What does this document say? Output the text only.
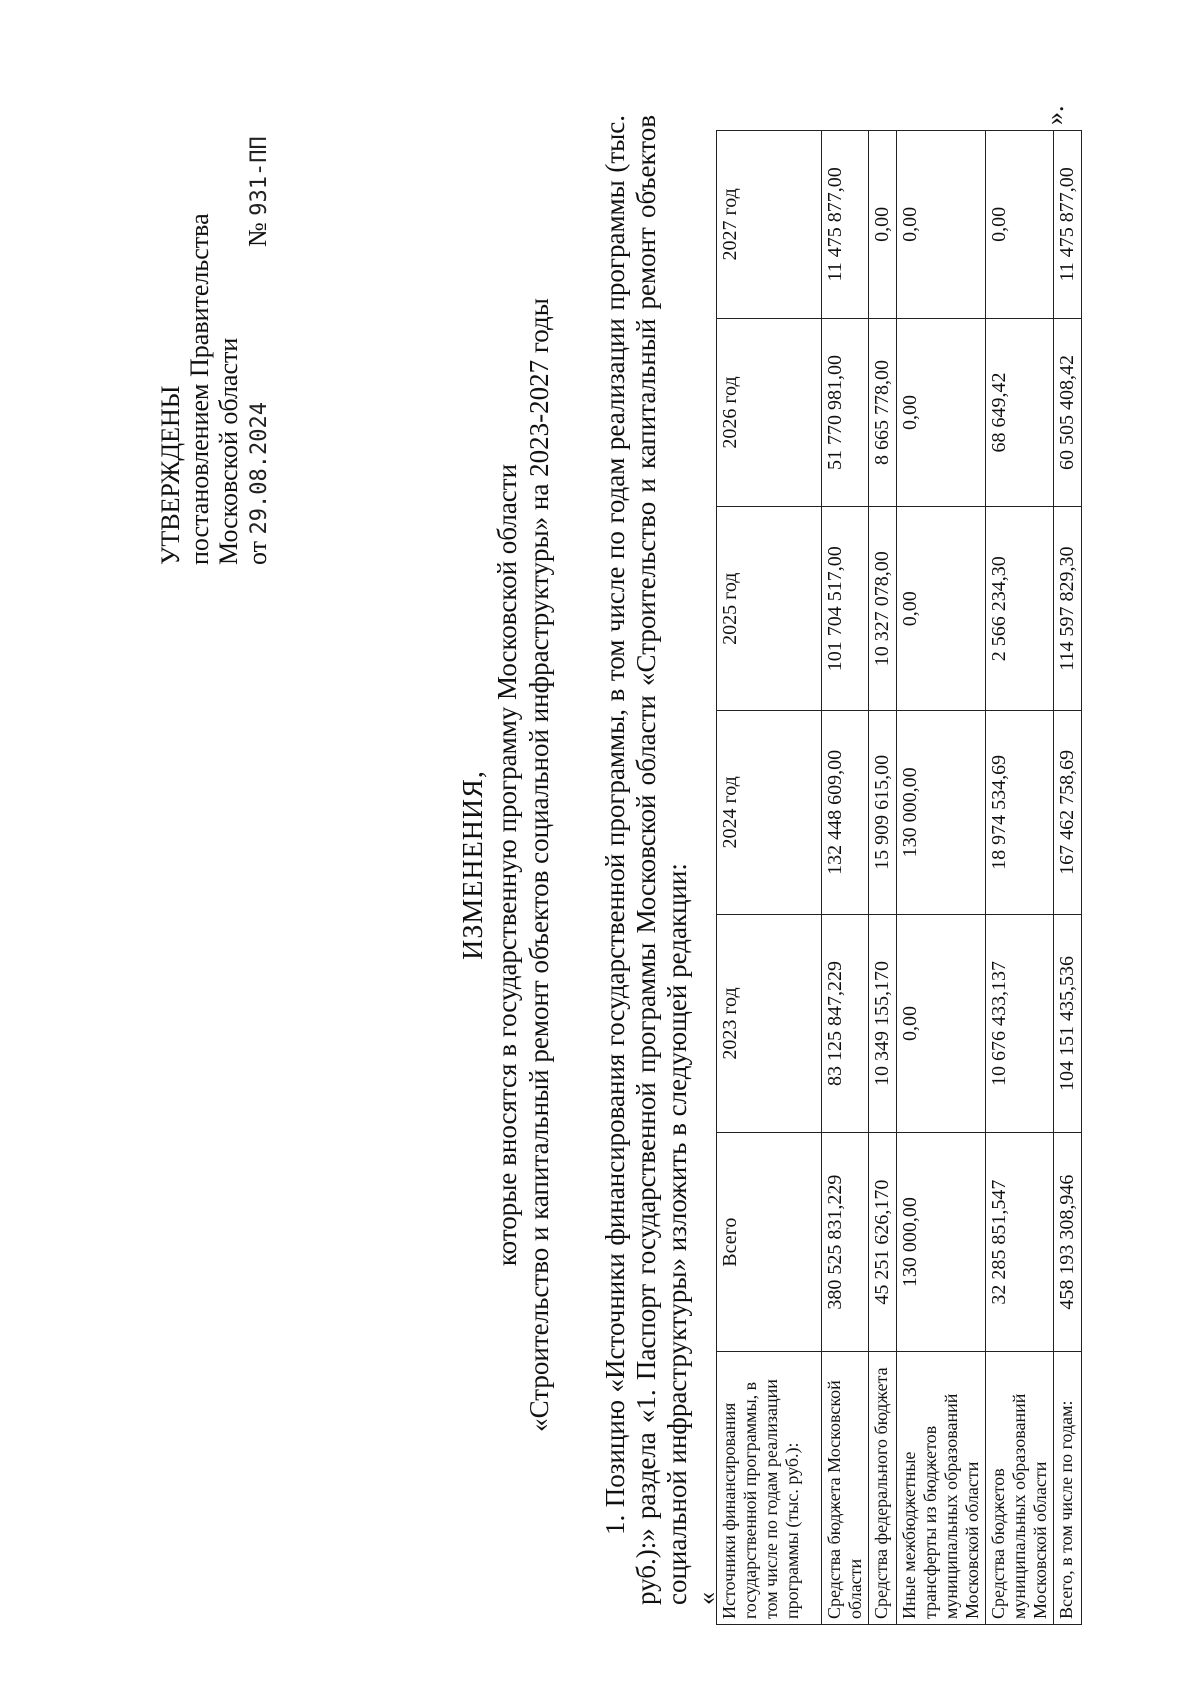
УТВЕРЖДЕНЫ постановлением Правительства Московской области от 29.08.2024
№ 931-ПП
ИЗМЕНЕНИЯ, которые вносятся в государственную программу Московской области «Строительство и капитальный ремонт объектов социальной инфраструктуры» на 2023-2027 годы 1. Позицию «Источники финансирования государственной программы, в том числе по годам реализации программы (тыс. руб.):» раздела «1. Паспорт государственной программы Московской области «Строительство и капитальный ремонт объектов социальной инфраструктуры» изложить в следующей редакции: «
Источники финансирования государственной программы, в том числе по годам реализации программы (тыс. руб.):	Всего	2023 год	2024 год	2025 год	2026 год	2027 год
Средства бюджета Московской области	380 525 831,229	83 125 847,229	132 448 609,00	101 704 517,00	51 770 981,00	11 475 877,00
Средства федерального бюджета	45 251 626,170	10 349 155,170	15 909 615,00	10 327 078,00	8 665 778,00	0,00
Иные межбюджетные трансферты из бюджетов муниципальных образований Московской области	130 000,00	0,00	130 000,00	0,00	0,00	0,00
Средства бюджетов муниципальных образований Московской области	32 285 851,547	10 676 433,137	18 974 534,69	2 566 234,30	68 649,42	0,00
Всего, в том числе по годам:	458 193 308,946	104 151 435,536	167 462 758,69	114 597 829,30	60 505 408,42	11 475 877,00
».
